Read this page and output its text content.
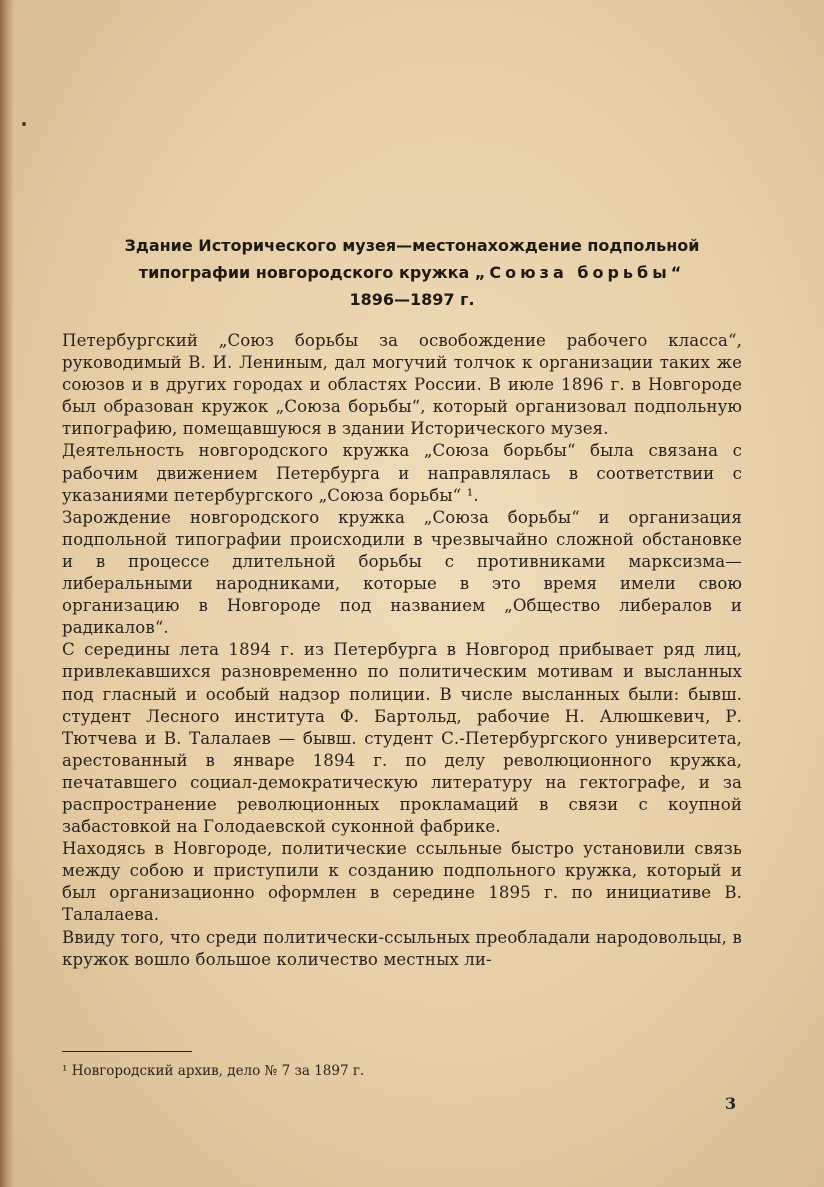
Здание Исторического музея—местонахождение подпольной
типографии новгородского кружка „Союза борьбы“
1896—1897 г.

Петербургский „Союз борьбы за освобождение рабочего класса“, руководимый В. И. Лениным, дал могучий толчок к организации таких же союзов и в других городах и областях России. В июле 1896 г. в Новгороде был образован кружок „Союза борьбы“, который организовал подпольную типографию, помещавшуюся в здании Исторического музея.

Деятельность новгородского кружка „Союза борьбы“ была связана с рабочим движением Петербурга и направлялась в соответствии с указаниями петербургского „Союза борьбы“ ¹.

Зарождение новгородского кружка „Союза борьбы“ и организация подпольной типографии происходили в чрезвычайно сложной обстановке и в процессе длительной борьбы с противниками марксизма—либеральными народниками, которые в это время имели свою организацию в Новгороде под названием „Общество либералов и радикалов“.

С середины лета 1894 г. из Петербурга в Новгород прибывает ряд лиц, привлекавшихся разновременно по политическим мотивам и высланных под гласный и особый надзор полиции. В числе высланных были: бывш. студент Лесного института Ф. Бартольд, рабочие Н. Алюшкевич, Р. Тютчева и В. Талалаев — бывш. студент С.-Петербургского университета, арестованный в январе 1894 г. по делу революционного кружка, печатавшего социал-демократическую литературу на гектографе, и за распространение революционных прокламаций в связи с коупной забастовкой на Голодаевской суконной фабрике.

Находясь в Новгороде, политические ссыльные быстро установили связь между собою и приступили к созданию подпольного кружка, который и был организационно оформлен в середине 1895 г. по инициативе В. Талалаева.

Ввиду того, что среди политически-ссыльных преобладали народовольцы, в кружок вошло большое количество местных ли-

¹ Новгородский архив, дело № 7 за 1897 г.
3
